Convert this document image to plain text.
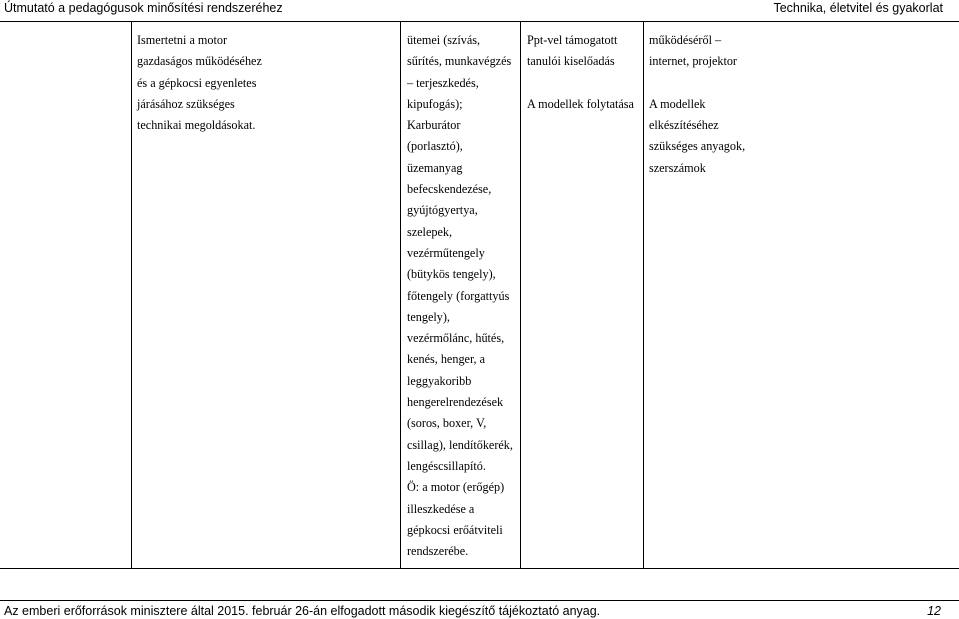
Útmutató a pedagógusok minősítési rendszeréhez	Technika, életvitel és gyakorlat
Ismertetni a motor
gazdaságos működéséhez
és a gépkocsi egyenletes
járásához szükséges
technikai megoldásokat.
ütemei (szívás,
sűrítés, munkavégzés
– terjeszkedés,
kipufogás);
Karburátor
(porlasztó),
üzemanyag
befecskendezése,
gyújtógyertya,
szelepek,
vezérműtengely
(bütykös tengely),
főtengely (forgattyús
tengely),
vezérmőlánc, hűtés,
kenés, henger, a
leggyakoribb
hengerelrendezések
(soros, boxer, V,
csillag), lendítőkerék,
lengéscsillapító.
Ö: a motor (erőgép)
illeszkedése a
gépkocsi erőátviteli
rendszerébe.
Ppt-vel támogatott
tanulói kiselőadás
A modellek folytatása
működéséről –
internet, projektor
A modellek
elkészítéséhez
szükséges anyagok,
szerszámok
Az emberi erőforrások minisztere által 2015. február 26-án elfogadott második kiegészítő tájékoztató anyag.	12
